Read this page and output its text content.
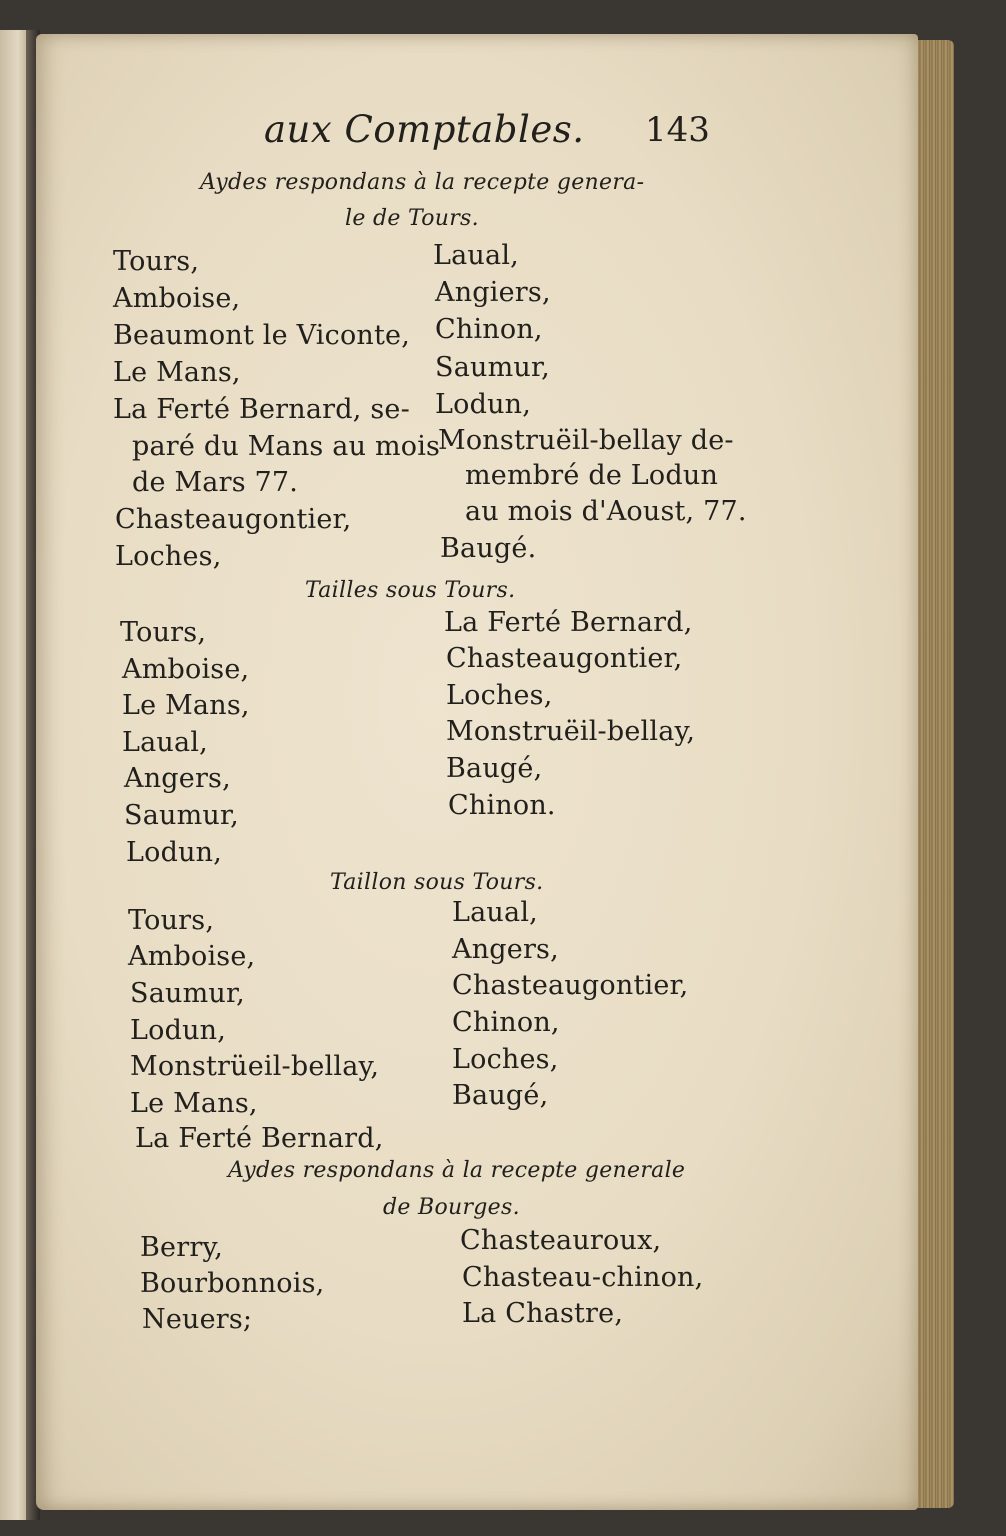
aux Comptables. 143
Aydes respondans à la recepte genera-
le de Tours.
Tours,
Amboise,
Beaumont le Viconte,
Le Mans,
La Ferté Bernard, se-
paré du Mans au mois
de Mars 77.
Chasteaugontier,
Loches,
Laual,
Angiers,
Chinon,
Saumur,
Lodun,
Monstruëil-bellay de-
membré de Lodun
au mois d'Aoust, 77.
Baugé.
Tailles sous Tours.
Tours,
Amboise,
Le Mans,
Laual,
Angers,
Saumur,
Lodun,
La Ferté Bernard,
Chasteaugontier,
Loches,
Monstruëil-bellay,
Baugé,
Chinon.
Taillon sous Tours.
Tours,
Amboise,
Saumur,
Lodun,
Monstrüeil-bellay,
Le Mans,
La Ferté Bernard,
Laual,
Angers,
Chasteaugontier,
Chinon,
Loches,
Baugé,
Aydes respondans à la recepte generale
de Bourges.
Berry,
Bourbonnois,
Neuers;
Chasteauroux,
Chasteau-chinon,
La Chastre,
